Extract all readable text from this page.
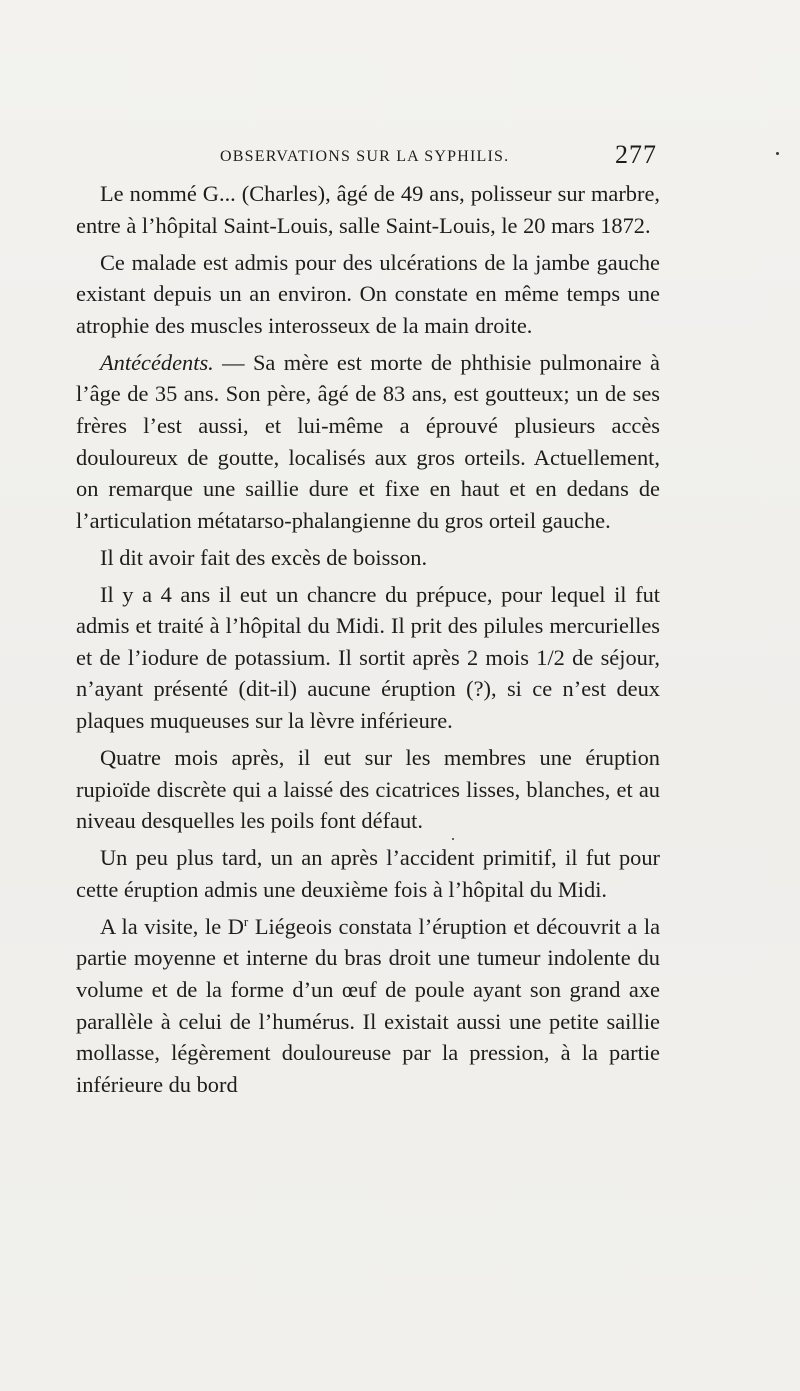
OBSERVATIONS SUR LA SYPHILIS.	277

Le nommé G... (Charles), âgé de 49 ans, polisseur sur marbre, entre à l’hôpital Saint-Louis, salle Saint-Louis, le 20 mars 1872.

Ce malade est admis pour des ulcérations de la jambe gauche existant depuis un an environ. On constate en même temps une atrophie des muscles interosseux de la main droite.

Antécédents. — Sa mère est morte de phthisie pulmonaire à l’âge de 35 ans. Son père, âgé de 83 ans, est goutteux; un de ses frères l’est aussi, et lui-même a éprouvé plusieurs accès douloureux de goutte, localisés aux gros orteils. Actuellement, on remarque une saillie dure et fixe en haut et en dedans de l’articulation métatarso-phalangienne du gros orteil gauche.

Il dit avoir fait des excès de boisson.

Il y a 4 ans il eut un chancre du prépuce, pour lequel il fut admis et traité à l’hôpital du Midi. Il prit des pilules mercurielles et de l’iodure de potassium. Il sortit après 2 mois 1/2 de séjour, n’ayant présenté (dit-il) aucune éruption (?), si ce n’est deux plaques muqueuses sur la lèvre inférieure.

Quatre mois après, il eut sur les membres une éruption rupioïde discrète qui a laissé des cicatrices lisses, blanches, et au niveau desquelles les poils font défaut.

Un peu plus tard, un an après l’accident primitif, il fut pour cette éruption admis une deuxième fois à l’hôpital du Midi.

A la visite, le $D^r$ Liégeois constata l’éruption et découvrit a la partie moyenne et interne du bras droit une tumeur indolente du volume et de la forme d’un œuf de poule ayant son grand axe parallèle à celui de l’humérus. Il existait aussi une petite saillie mollasse, légèrement douloureuse par la pression, à la partie inférieure du bord
